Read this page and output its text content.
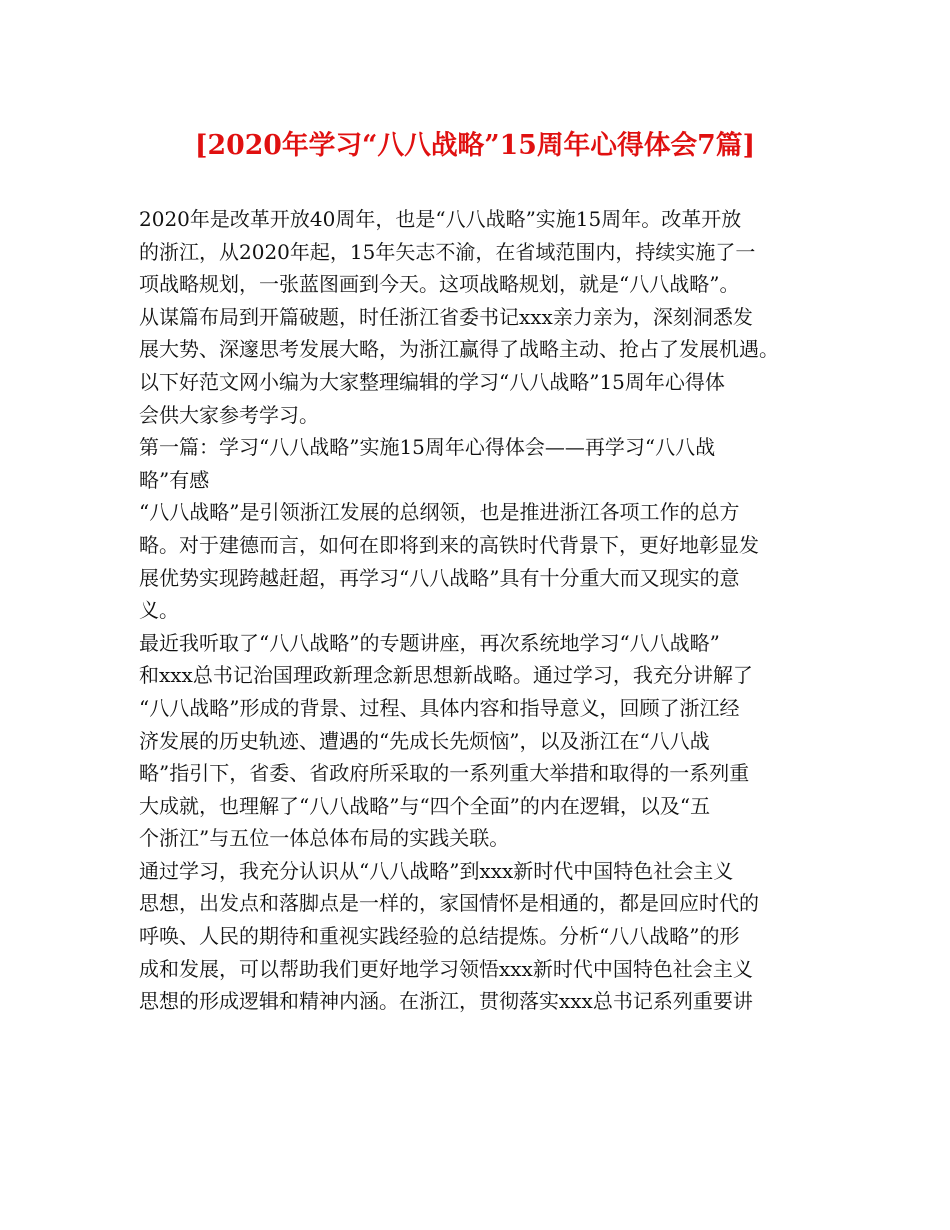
[2020年学习“八八战略”15周年心得体会7篇]
2020年是改革开放40周年，也是“八八战略”实施15周年。改革开放
的浙江，从2020年起，15年矢志不渝，在省域范围内，持续实施了一
项战略规划，一张蓝图画到今天。这项战略规划，就是“八八战略”。
从谋篇布局到开篇破题，时任浙江省委书记xxx亲力亲为，深刻洞悉发
展大势、深邃思考发展大略，为浙江赢得了战略主动、抢占了发展机遇。
以下好范文网小编为大家整理编辑的学习“八八战略”15周年心得体
会供大家参考学习。
第一篇：学习“八八战略”实施15周年心得体会——再学习“八八战
略”有感
“八八战略”是引领浙江发展的总纲领，也是推进浙江各项工作的总方
略。对于建德而言，如何在即将到来的高铁时代背景下，更好地彰显发
展优势实现跨越赶超，再学习“八八战略”具有十分重大而又现实的意
义。
最近我听取了“八八战略”的专题讲座，再次系统地学习“八八战略”
和xxx总书记治国理政新理念新思想新战略。通过学习，我充分讲解了
“八八战略”形成的背景、过程、具体内容和指导意义，回顾了浙江经
济发展的历史轨迹、遭遇的“先成长先烦恼”，以及浙江在“八八战
略”指引下，省委、省政府所采取的一系列重大举措和取得的一系列重
大成就，也理解了“八八战略”与“四个全面”的内在逻辑，以及“五
个浙江”与五位一体总体布局的实践关联。
通过学习，我充分认识从“八八战略”到xxx新时代中国特色社会主义
思想，出发点和落脚点是一样的，家国情怀是相通的，都是回应时代的
呼唤、人民的期待和重视实践经验的总结提炼。分析“八八战略”的形
成和发展，可以帮助我们更好地学习领悟xxx新时代中国特色社会主义
思想的形成逻辑和精神内涵。在浙江，贯彻落实xxx总书记系列重要讲
